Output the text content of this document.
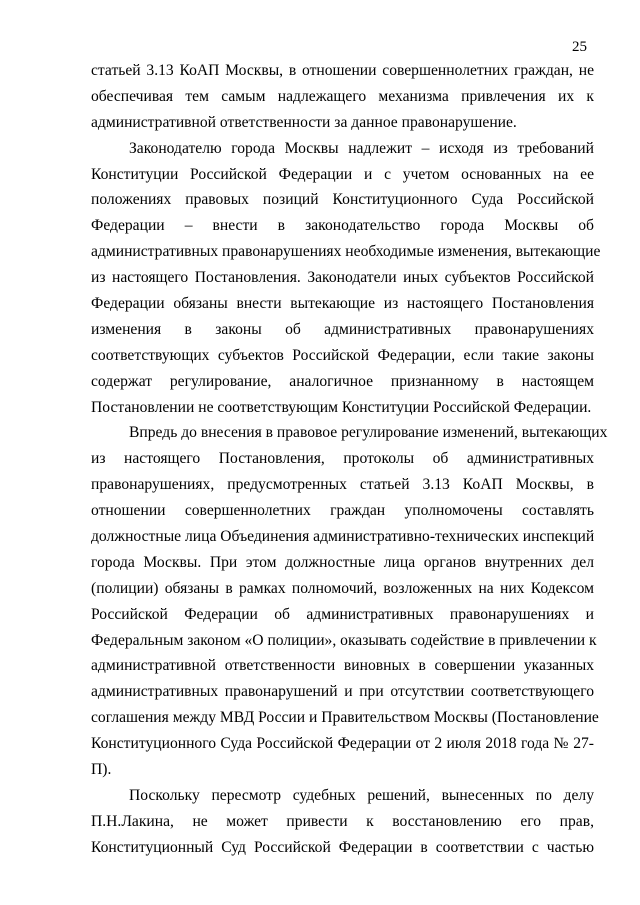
25
статьей 3.13 КоАП Москвы, в отношении совершеннолетних граждан, не
обеспечивая тем самым надлежащего механизма привлечения их к
административной ответственности за данное правонарушение.
Законодателю города Москвы надлежит – исходя из требований
Конституции Российской Федерации и с учетом основанных на ее
положениях правовых позиций Конституционного Суда Российской
Федерации – внести в законодательство города Москвы об
административных правонарушениях необходимые изменения, вытекающие
из настоящего Постановления. Законодатели иных субъектов Российской
Федерации обязаны внести вытекающие из настоящего Постановления
изменения в законы об административных правонарушениях
соответствующих субъектов Российской Федерации, если такие законы
содержат регулирование, аналогичное признанному в настоящем
Постановлении не соответствующим Конституции Российской Федерации.
Впредь до внесения в правовое регулирование изменений, вытекающих
из настоящего Постановления, протоколы об административных
правонарушениях, предусмотренных статьей 3.13 КоАП Москвы, в
отношении совершеннолетних граждан уполномочены составлять
должностные лица Объединения административно-технических инспекций
города Москвы. При этом должностные лица органов внутренних дел
(полиции) обязаны в рамках полномочий, возложенных на них Кодексом
Российской Федерации об административных правонарушениях и
Федеральным законом «О полиции», оказывать содействие в привлечении к
административной ответственности виновных в совершении указанных
административных правонарушений и при отсутствии соответствующего
соглашения между МВД России и Правительством Москвы (Постановление
Конституционного Суда Российской Федерации от 2 июля 2018 года № 27-
П).
Поскольку пересмотр судебных решений, вынесенных по делу
П.Н.Лакина, не может привести к восстановлению его прав,
Конституционный Суд Российской Федерации в соответствии с частью
